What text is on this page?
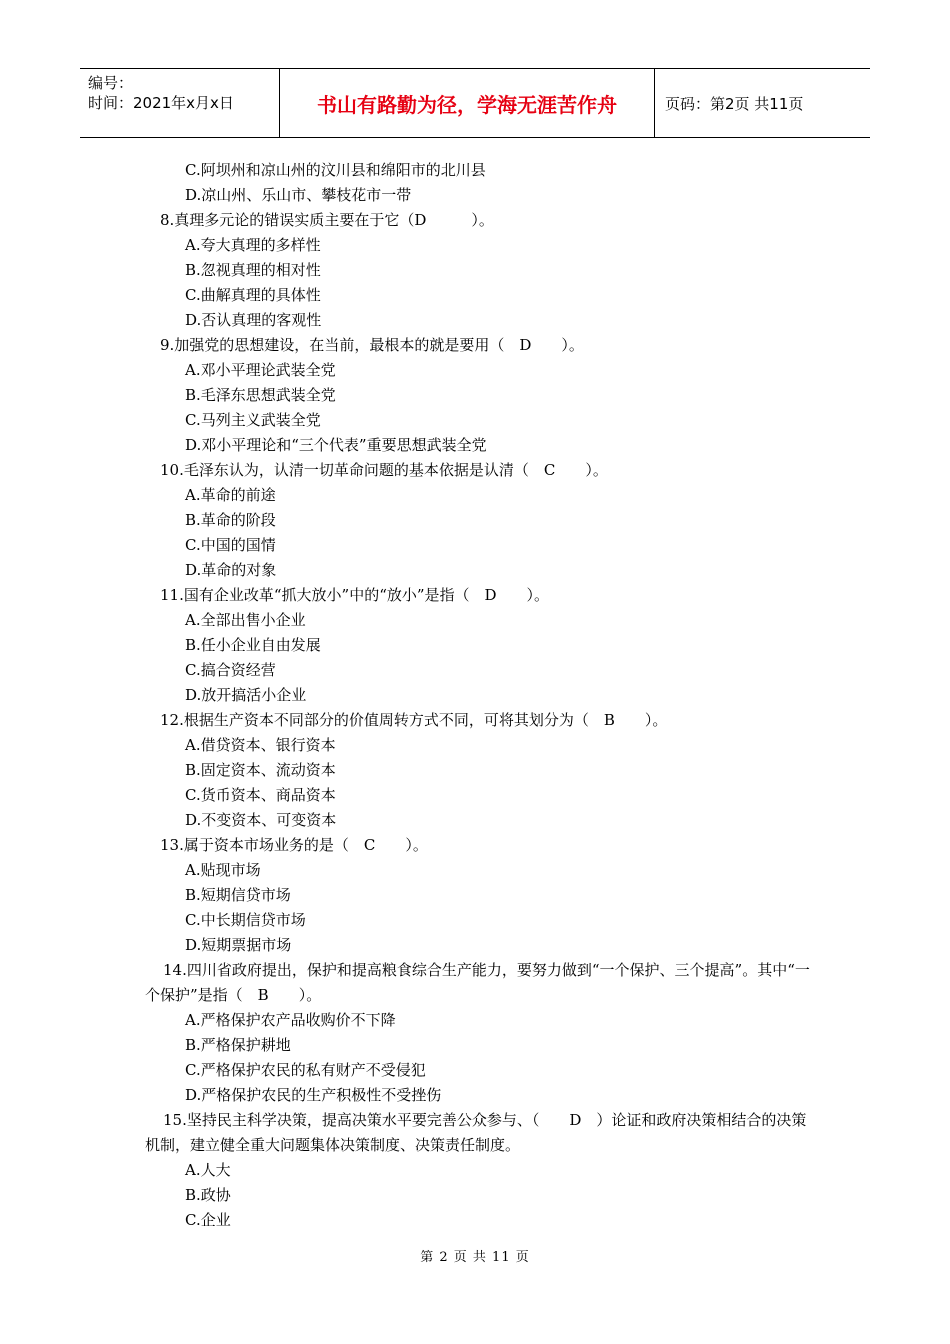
编号：
时间：2021年x月x日	书山有路勤为径，学海无涯苦作舟	页码：第2页 共11页
C.阿坝州和凉山州的汶川县和绵阳市的北川县
D.凉山州、乐山市、攀枝花市一带
8.真理多元论的错误实质主要在于它（D　　　）。
A.夸大真理的多样性
B.忽视真理的相对性
C.曲解真理的具体性
D.否认真理的客观性
9.加强党的思想建设，在当前，最根本的就是要用（　D　　）。
A.邓小平理论武装全党
B.毛泽东思想武装全党
C.马列主义武装全党
D.邓小平理论和“三个代表”重要思想武装全党
10.毛泽东认为，认清一切革命问题的基本依据是认清（　C　　）。
A.革命的前途
B.革命的阶段
C.中国的国情
D.革命的对象
11.国有企业改革“抓大放小”中的“放小”是指（　D　　）。
A.全部出售小企业
B.任小企业自由发展
C.搞合资经营
D.放开搞活小企业
12.根据生产资本不同部分的价值周转方式不同，可将其划分为（　B　　）。
A.借贷资本、银行资本
B.固定资本、流动资本
C.货币资本、商品资本
D.不变资本、可变资本
13.属于资本市场业务的是（　C　　）。
A.贴现市场
B.短期信贷市场
C.中长期信贷市场
D.短期票据市场
14.四川省政府提出，保护和提高粮食综合生产能力，要努力做到“一个保护、三个提高”。其中“一个保护”是指（　B　　）。
A.严格保护农产品收购价不下降
B.严格保护耕地
C.严格保护农民的私有财产不受侵犯
D.严格保护农民的生产积极性不受挫伤
15.坚持民主科学决策，提高决策水平要完善公众参与、（　　D　）论证和政府决策相结合的决策机制，建立健全重大问题集体决策制度、决策责任制度。
A.人大
B.政协
C.企业
第 2 页 共 11 页
